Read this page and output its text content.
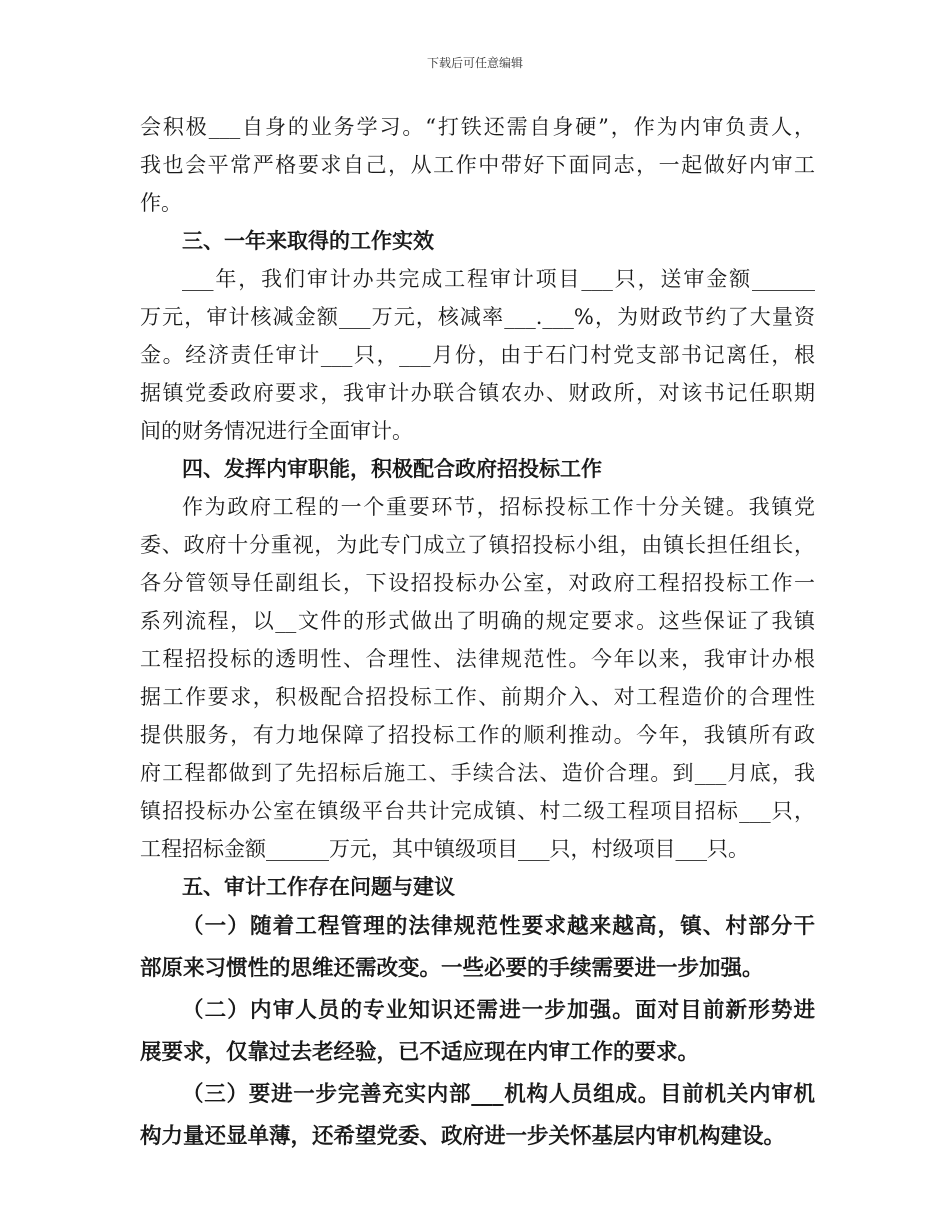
下载后可任意编辑
会积极___自身的业务学习。“打铁还需自身硬”，作为内审负责人，
我也会平常严格要求自己，从工作中带好下面同志，一起做好内审工
作。
三、一年来取得的工作实效
___年，我们审计办共完成工程审计项目___只，送审金额______
万元，审计核减金额___万元，核减率___.___%，为财政节约了大量资
金。经济责任审计___只，___月份，由于石门村党支部书记离任，根
据镇党委政府要求，我审计办联合镇农办、财政所，对该书记任职期
间的财务情况进行全面审计。
四、发挥内审职能，积极配合政府招投标工作
作为政府工程的一个重要环节，招标投标工作十分关键。我镇党
委、政府十分重视，为此专门成立了镇招投标小组，由镇长担任组长，
各分管领导任副组长，下设招投标办公室，对政府工程招投标工作一
系列流程，以__文件的形式做出了明确的规定要求。这些保证了我镇
工程招投标的透明性、合理性、法律规范性。今年以来，我审计办根
据工作要求，积极配合招投标工作、前期介入、对工程造价的合理性
提供服务，有力地保障了招投标工作的顺利推动。今年，我镇所有政
府工程都做到了先招标后施工、手续合法、造价合理。到___月底，我
镇招投标办公室在镇级平台共计完成镇、村二级工程项目招标___只，
工程招标金额______万元，其中镇级项目___只，村级项目___只。
五、审计工作存在问题与建议
（一）随着工程管理的法律规范性要求越来越高，镇、村部分干
部原来习惯性的思维还需改变。一些必要的手续需要进一步加强。
（二）内审人员的专业知识还需进一步加强。面对目前新形势进
展要求，仅靠过去老经验，已不适应现在内审工作的要求。
（三）要进一步完善充实内部___机构人员组成。目前机关内审机
构力量还显单薄，还希望党委、政府进一步关怀基层内审机构建设。
